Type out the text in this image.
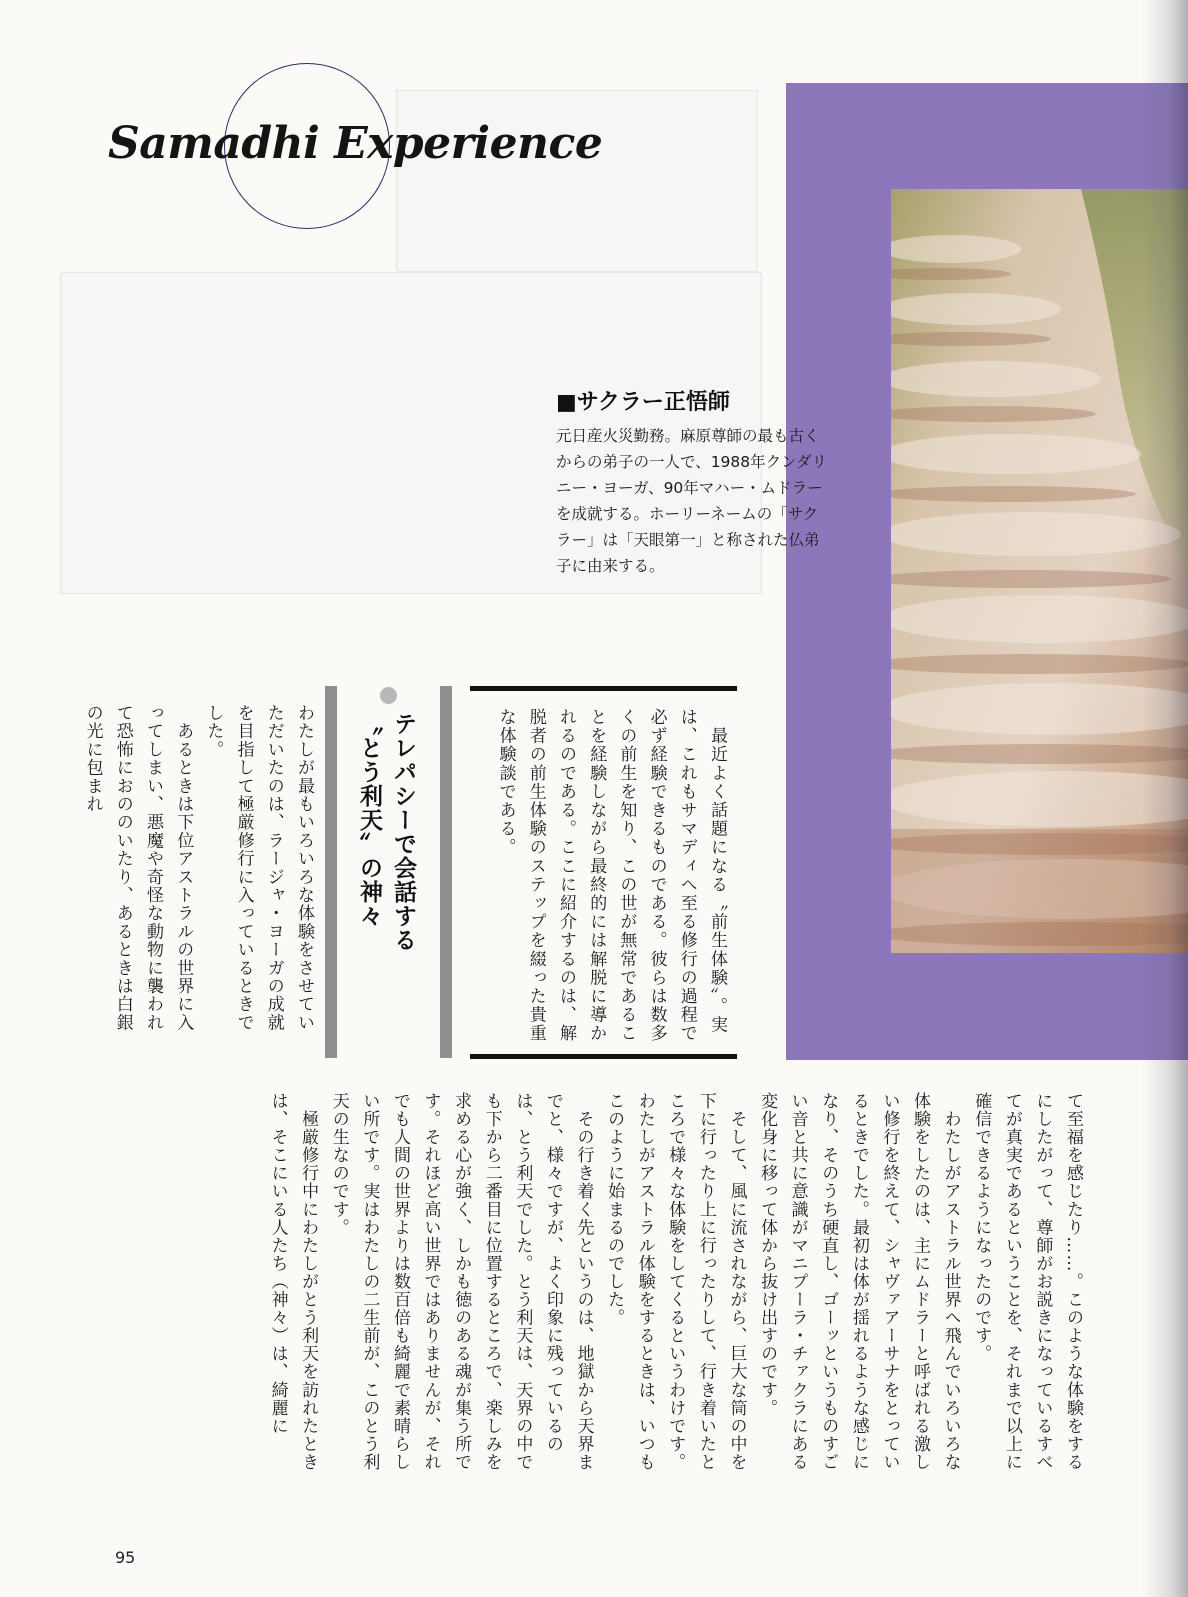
Samadhi Experience
■サクラー正悟師
元日産火災勤務。麻原尊師の最も古く
からの弟子の一人で、1988年クンダリ
ニー・ヨーガ、90年マハー・ムドラー
を成就する。ホーリーネームの「サク
ラー」は「天眼第一」と称された仏弟
子に由来する。
　最近よく話題になる〝前生体験〟。実は、これもサマディへ至る修行の過程で必ず経験できるものである。彼らは数多くの前生を知り、この世が無常であることを経験しながら最終的には解脱に導かれるのである。ここに紹介するのは、解脱者の前生体験のステップを綴った貴重な体験談である。
テレパシーで会話する
〝とう利天〟の神々
わたしが最もいろいろな体験をさせていただいたのは、ラージャ・ヨーガの成就を目指して極厳修行に入っているときでした。
　あるときは下位アストラルの世界に入ってしまい、悪魔や奇怪な動物に襲われて恐怖におののいたり、あるときは白銀の光に包まれ
て至福を感じたり……。このような体験をするにしたがって、尊師がお説きになっているすべてが真実であるということを、それまで以上に確信できるようになったのです。
　わたしがアストラル世界へ飛んでいろいろな体験をしたのは、主にムドラーと呼ばれる激しい修行を終えて、シャヴァアーサナをとっているときでした。最初は体が揺れるような感じになり、そのうち硬直し、ゴーッというものすごい音と共に意識がマニプーラ・チァクラにある変化身に移って体から抜け出すのです。
　そして、風に流されながら、巨大な筒の中を下に行ったり上に行ったりして、行き着いたところで様々な体験をしてくるというわけです。わたしがアストラル体験をするときは、いつもこのように始まるのでした。
　その行き着く先というのは、地獄から天界までと、様々ですが、よく印象に残っているのは、とう利天でした。とう利天は、天界の中でも下から二番目に位置するところで、楽しみを求める心が強く、しかも徳のある魂が集う所です。それほど高い世界ではありませんが、それでも人間の世界よりは数百倍も綺麗で素晴らしい所です。実はわたしの二生前が、このとう利天の生なのです。
　極厳修行中にわたしがとう利天を訪れたときは、そこにいる人たち（神々）は、綺麗に
95
